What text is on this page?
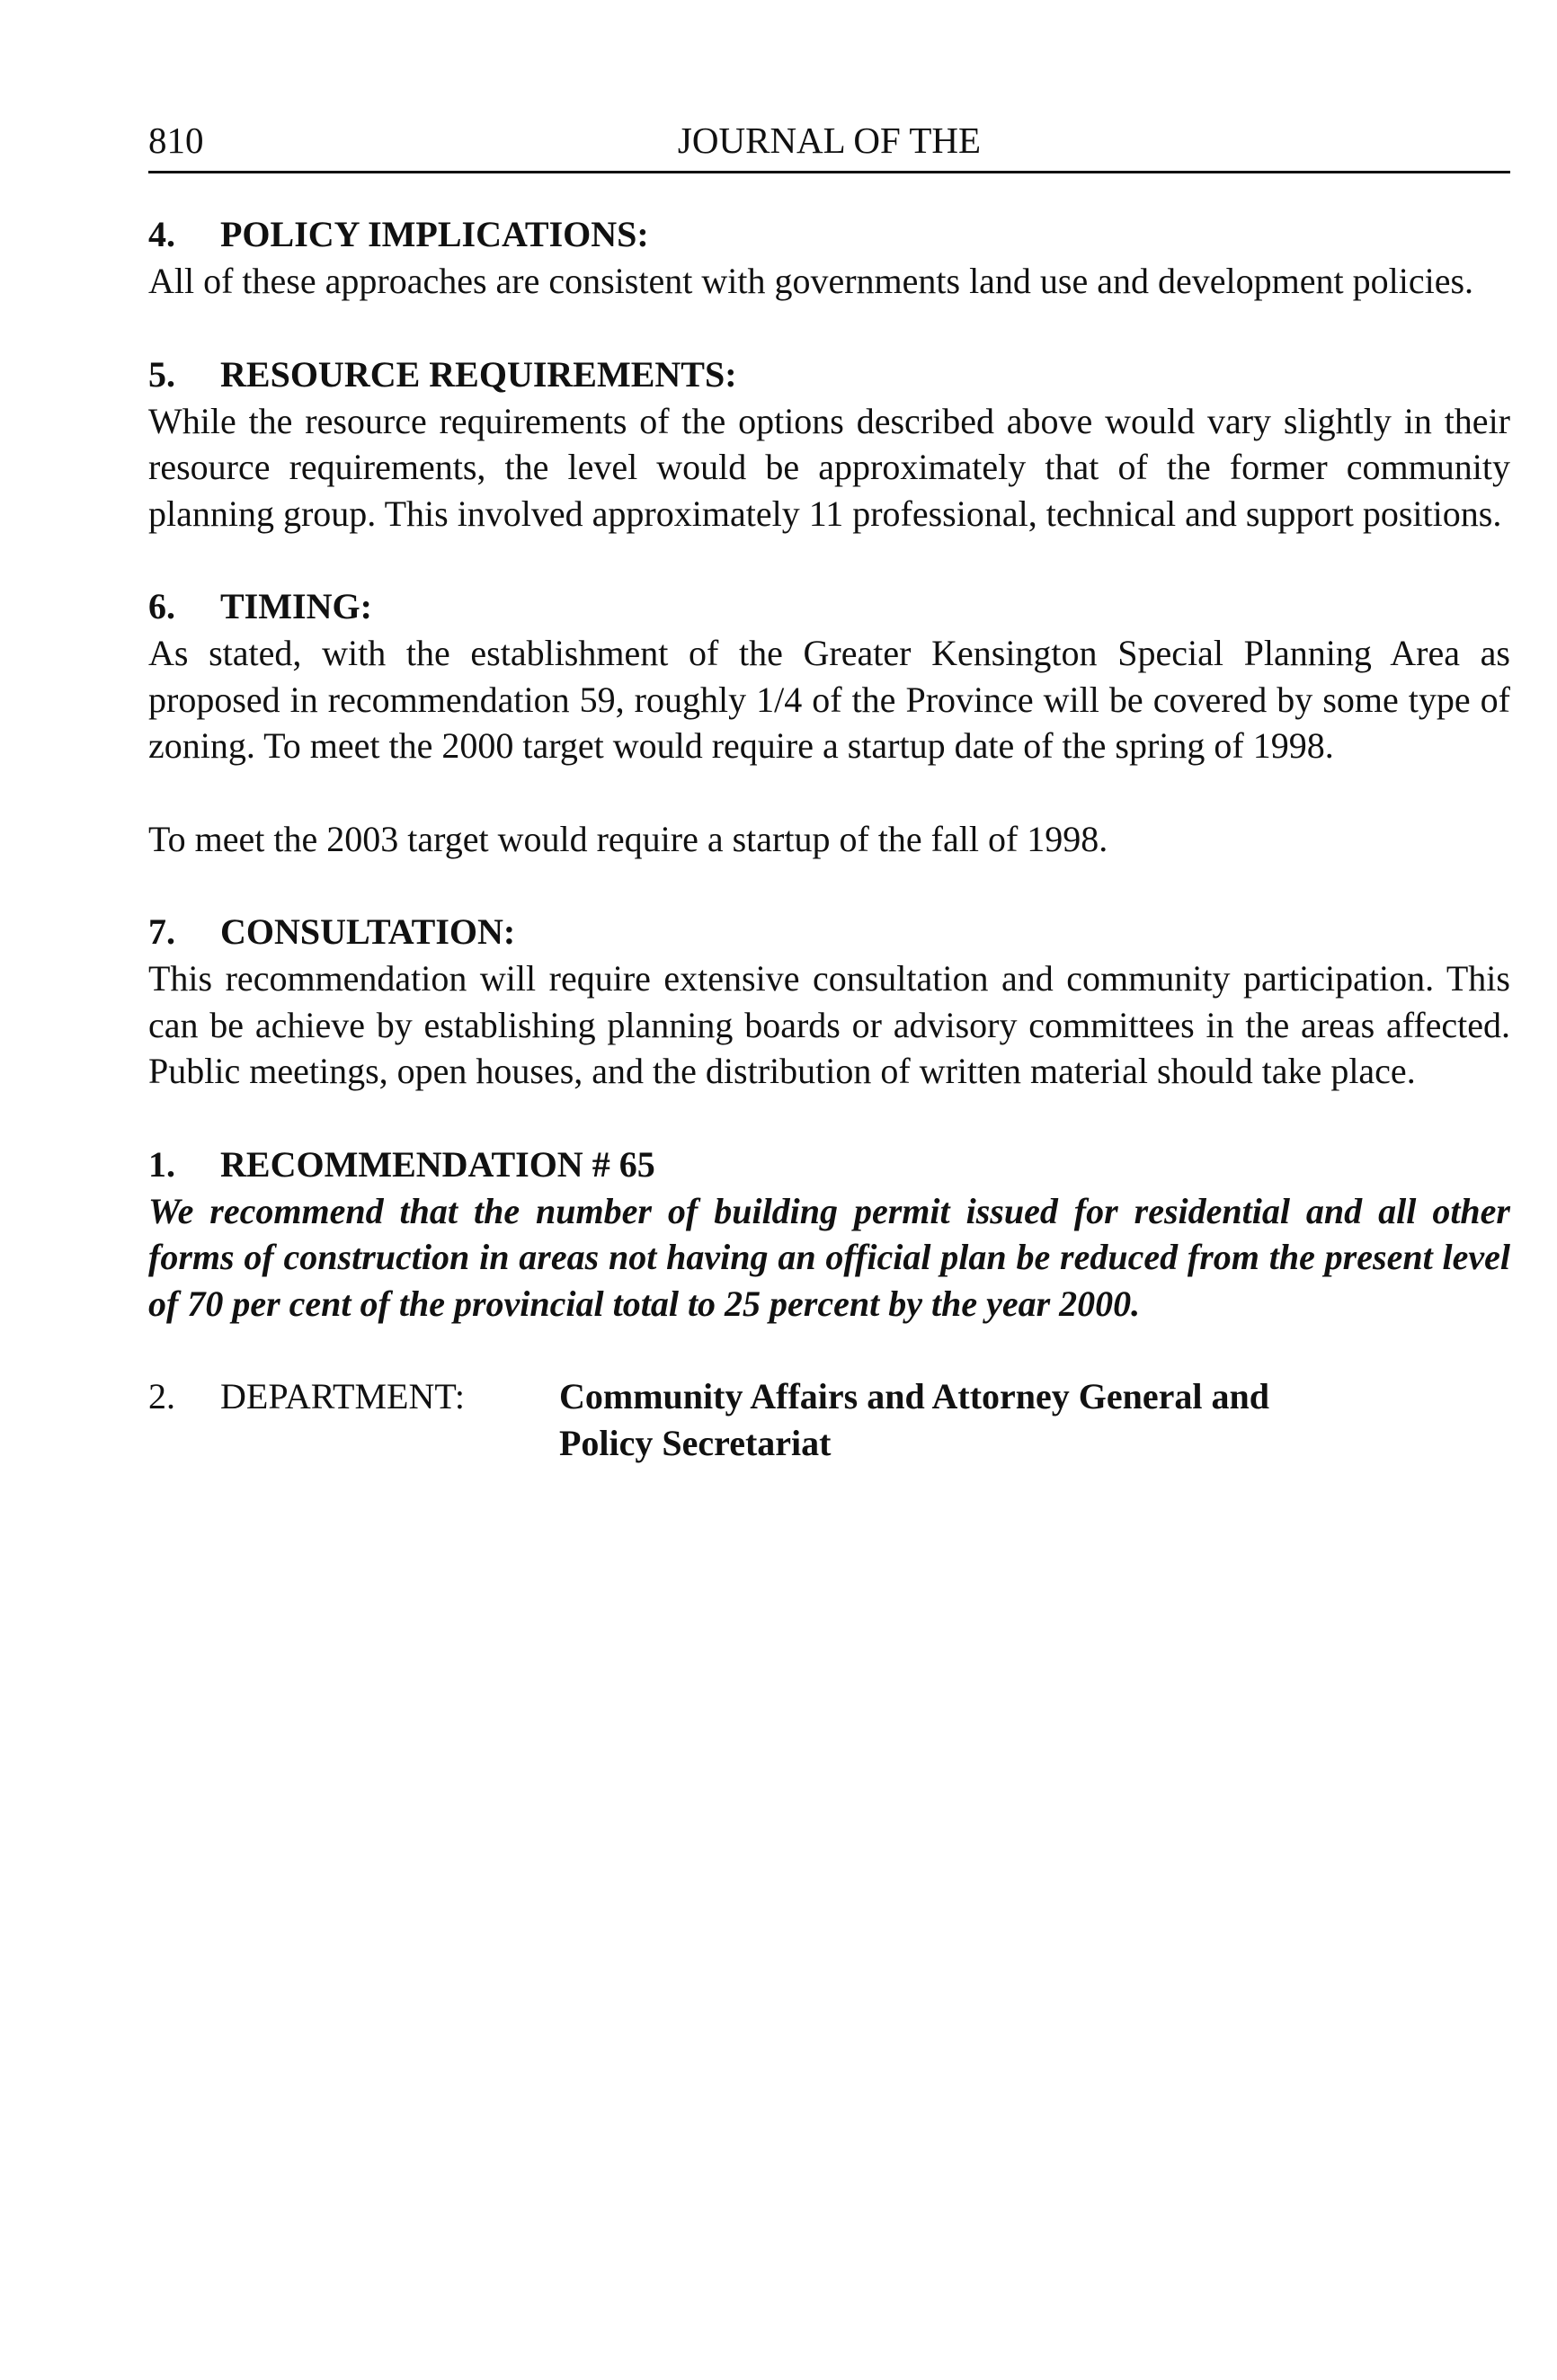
810	JOURNAL OF THE
4. POLICY IMPLICATIONS:
All of these approaches are consistent with governments land use and development policies.
5. RESOURCE REQUIREMENTS:
While the resource requirements of the options described above would vary slightly in their resource requirements, the level would be approximately that of the former community planning group. This involved approximately 11 professional, technical and support positions.
6. TIMING:
As stated, with the establishment of the Greater Kensington Special Planning Area as proposed in recommendation 59, roughly 1/4 of the Province will be covered by some type of zoning. To meet the 2000 target would require a startup date of the spring of 1998.
To meet the 2003 target would require a startup of the fall of 1998.
7. CONSULTATION:
This recommendation will require extensive consultation and community participation. This can be achieve by establishing planning boards or advisory committees in the areas affected. Public meetings, open houses, and the distribution of written material should take place.
1. RECOMMENDATION # 65
We recommend that the number of building permit issued for residential and all other forms of construction in areas not having an official plan be reduced from the present level of 70 per cent of the provincial total to 25 percent by the year 2000.
2.	DEPARTMENT:	Community Affairs and Attorney General and
Policy Secretariat
